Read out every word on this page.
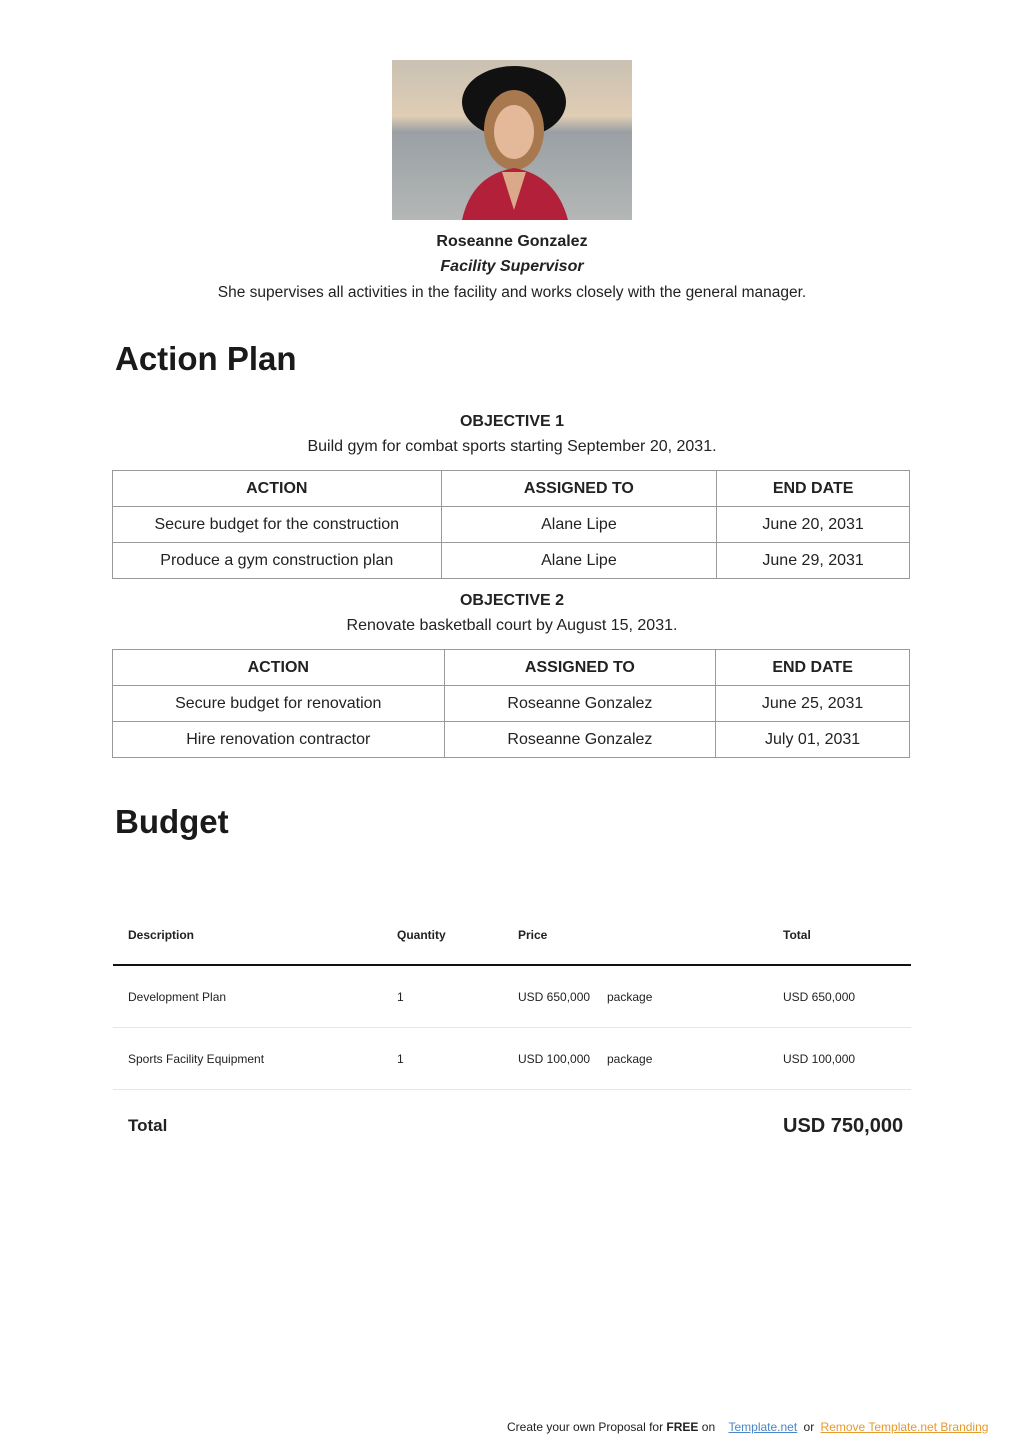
Roseanne Gonzalez
Facility Supervisor
She supervises all activities in the facility and works closely with the general manager.
Action Plan
OBJECTIVE 1
Build gym for combat sports starting September 20, 2031.
ACTION	ASSIGNED TO	END DATE
Secure budget for the construction	Alane Lipe	June 20, 2031
Produce a gym construction plan	Alane Lipe	June 29, 2031
OBJECTIVE 2
Renovate basketball court by August 15, 2031.
ACTION	ASSIGNED TO	END DATE
Secure budget for renovation	Roseanne Gonzalez	June 25, 2031
Hire renovation contractor	Roseanne Gonzalez	July 01, 2031
Budget
Description	Quantity	Price	Total
Development Plan	1	USD 650,000 package	USD 650,000
Sports Facility Equipment	1	USD 100,000 package	USD 100,000
Total	USD 750,000
Create your own Proposal for FREE on Template.net or Remove Template.net Branding
